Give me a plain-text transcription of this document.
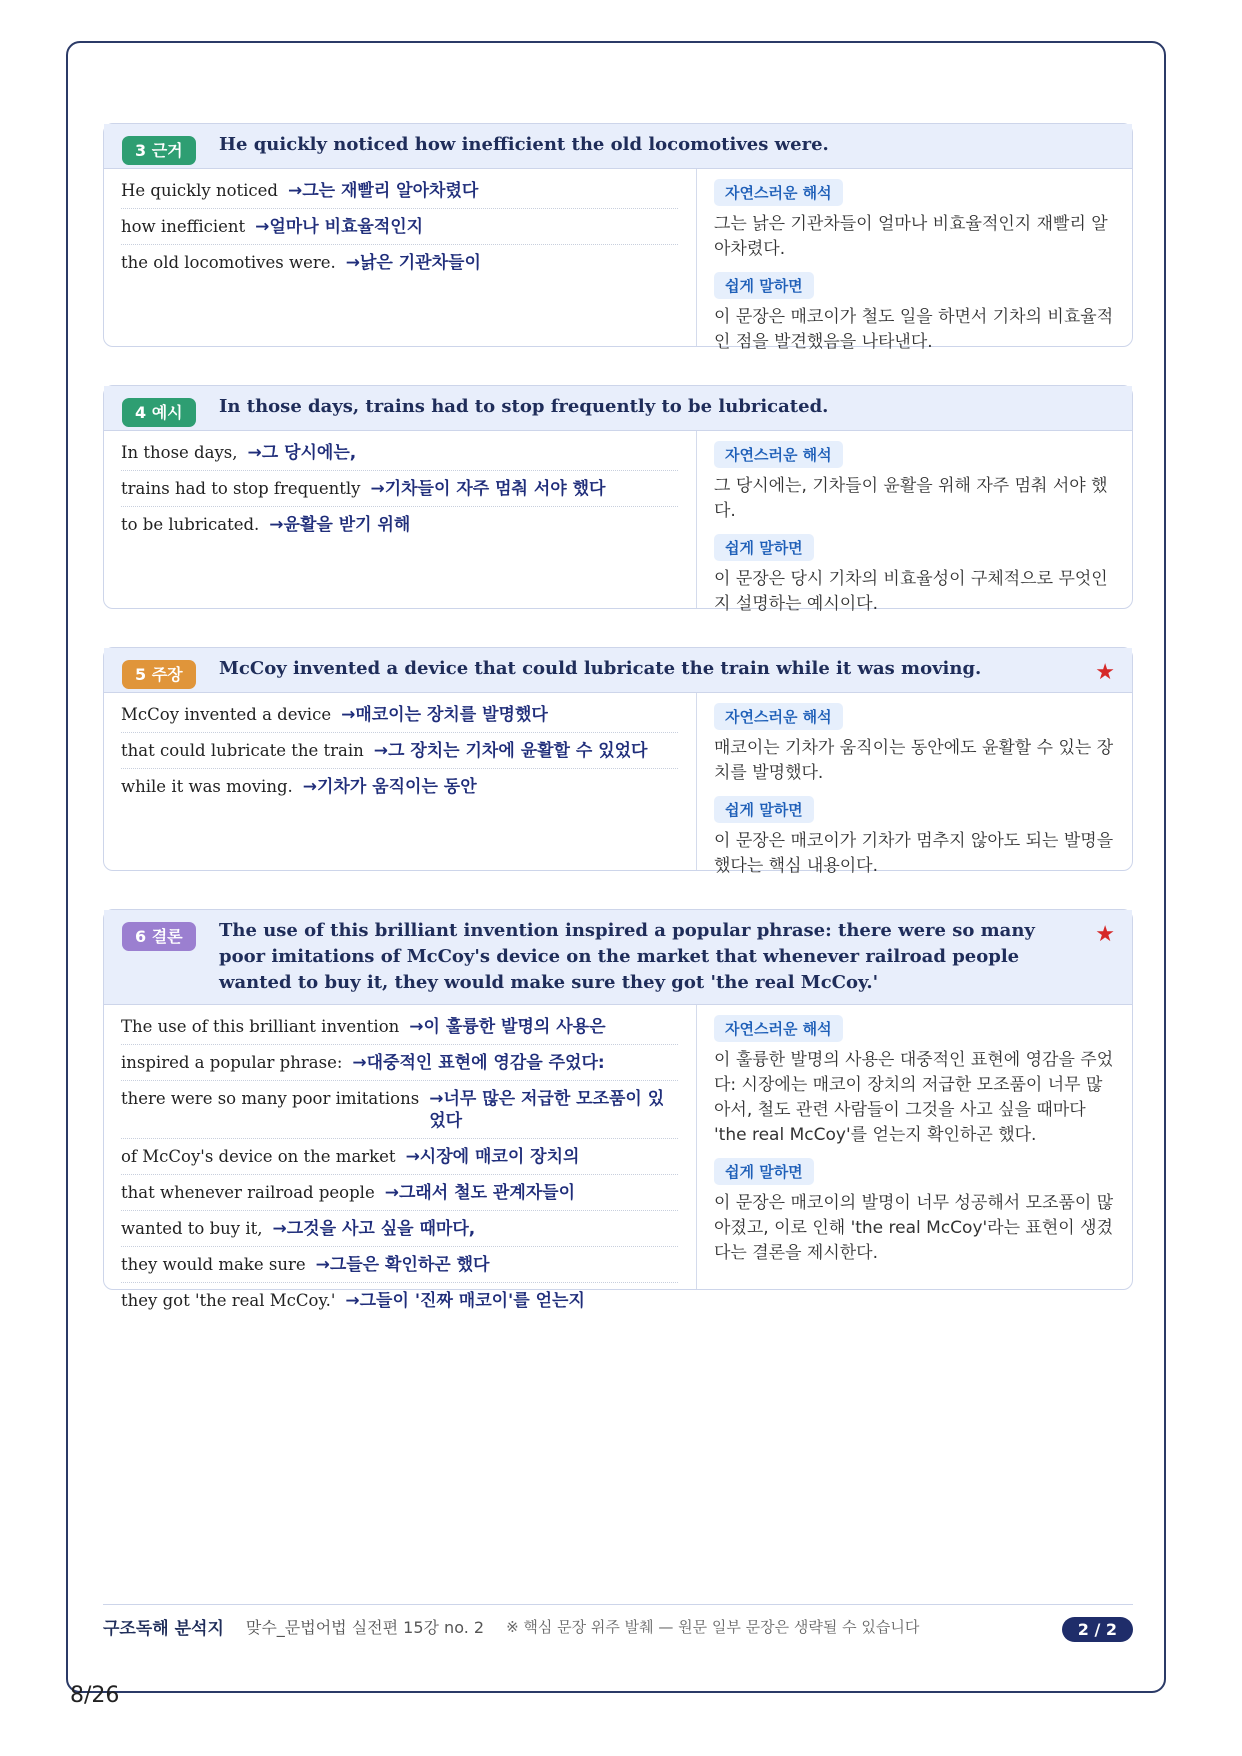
3 근거	He quickly noticed how inefficient the old locomotives were.
He quickly noticed →그는 재빨리 알아차렸다
how inefficient →얼마나 비효율적인지
the old locomotives were. →낡은 기관차들이
자연스러운 해석

그는 낡은 기관차들이 얼마나 비효율적인지 재빨리 알아차렸다.

쉽게 말하면

이 문장은 매코이가 철도 일을 하면서 기차의 비효율적인 점을 발견했음을 나타낸다.

4 예시	In those days, trains had to stop frequently to be lubricated.
In those days, →그 당시에는,
trains had to stop frequently →기차들이 자주 멈춰 서야 했다
to be lubricated. →윤활을 받기 위해
자연스러운 해석

그 당시에는, 기차들이 윤활을 위해 자주 멈춰 서야 했다.

쉽게 말하면

이 문장은 당시 기차의 비효율성이 구체적으로 무엇인지 설명하는 예시이다.

5 주장	McCoy invented a device that could lubricate the train while it was moving.	★
McCoy invented a device →매코이는 장치를 발명했다
that could lubricate the train →그 장치는 기차에 윤활할 수 있었다
while it was moving. →기차가 움직이는 동안
자연스러운 해석

매코이는 기차가 움직이는 동안에도 윤활할 수 있는 장치를 발명했다.

쉽게 말하면

이 문장은 매코이가 기차가 멈추지 않아도 되는 발명을 했다는 핵심 내용이다.

6 결론	The use of this brilliant invention inspired a popular phrase: there were so many poor imitations of McCoy's device on the market that whenever railroad people wanted to buy it, they would make sure they got 'the real McCoy.'
★
The use of this brilliant invention →이 훌륭한 발명의 사용은
inspired a popular phrase: →대중적인 표현에 영감을 주었다:
there were so many poor imitations →너무 많은 저급한 모조품이 있었다
of McCoy's device on the market →시장에 매코이 장치의
that whenever railroad people →그래서 철도 관계자들이
wanted to buy it, →그것을 사고 싶을 때마다,
they would make sure →그들은 확인하곤 했다
they got 'the real McCoy.' →그들이 '진짜 매코이'를 얻는지
자연스러운 해석

이 훌륭한 발명의 사용은 대중적인 표현에 영감을 주었다: 시장에는 매코이 장치의 저급한 모조품이 너무 많아서, 철도 관련 사람들이 그것을 사고 싶을 때마다 'the real McCoy'를 얻는지 확인하곤 했다.

쉽게 말하면

이 문장은 매코이의 발명이 너무 성공해서 모조품이 많아졌고, 이로 인해 'the real McCoy'라는 표현이 생겼다는 결론을 제시한다.

구조독해 분석지 맞수_문법어법 실전편 15강 no. 2 ※ 핵심 문장 위주 발췌 — 원문 일부 문장은 생략될 수 있습니다	2 / 2
8/26
